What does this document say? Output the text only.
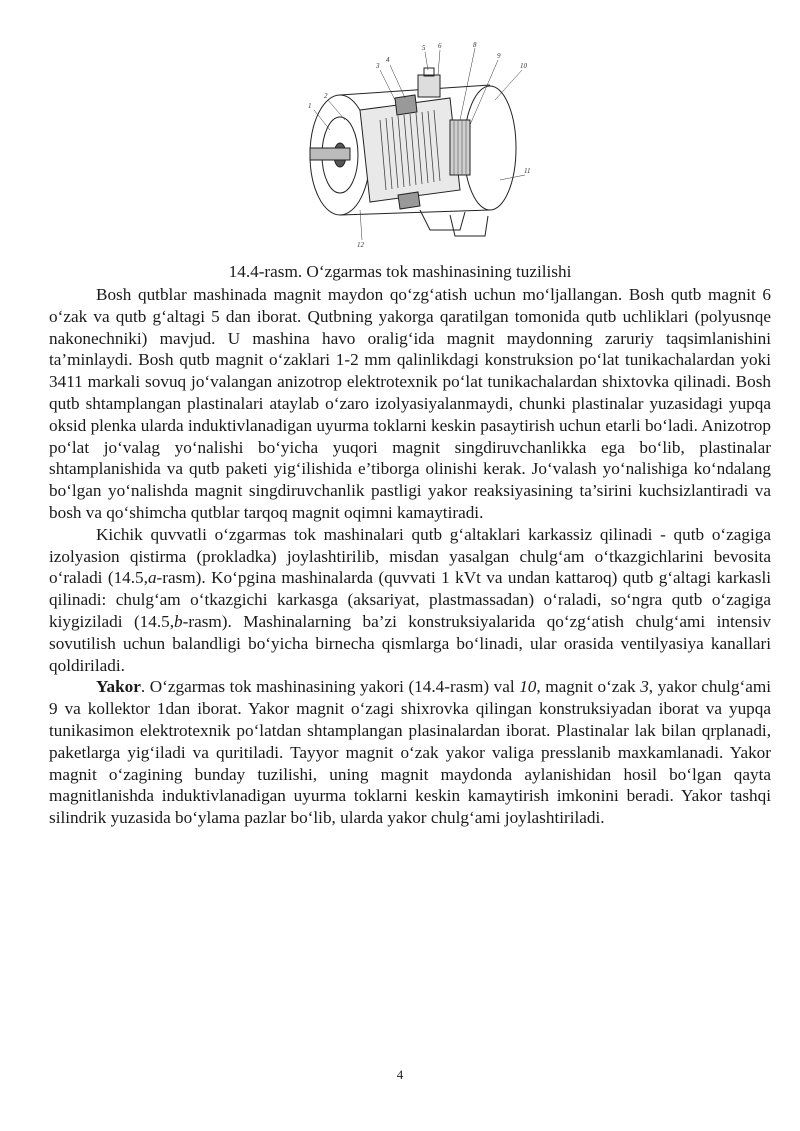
2
1
3
4
5 6	8
9
10
11
12
14.4-rasm. O‘zgarmas tok mashinasining tuzilishi

Bosh qutblar mashinada magnit maydon qo‘zg‘atish uchun mo‘ljallangan. Bosh qutb magnit 6 o‘zak va qutb g‘altagi 5 dan iborat. Qutbning yakorga qaratilgan tomonida qutb uchliklari (polyusnqe nakonechniki) mavjud. U mashina havo oralig‘ida magnit maydonning zaruriy taqsimlanishini ta’minlaydi. Bosh qutb magnit o‘zaklari 1-2 mm qalinlikdagi konstruksion po‘lat tunikachalardan yoki 3411 markali sovuq jo‘valangan anizotrop elektrotexnik po‘lat tunikachalardan shixtovka qilinadi. Bosh qutb shtamplangan plastinalari ataylab o‘zaro izolyasiyalanmaydi, chunki plastinalar yuzasidagi yupqa oksid plenka ularda induktivlanadigan uyurma toklarni keskin pasaytirish uchun etarli bo‘ladi. Anizotrop po‘lat jo‘valag yo‘nalishi bo‘yicha yuqori magnit singdiruvchanlikka ega bo‘lib, plastinalar shtamplanishida va qutb paketi yig‘ilishida e’tiborga olinishi kerak. Jo‘valash yo‘nalishiga ko‘ndalang bo‘lgan yo‘nalishda magnit singdiruvchanlik pastligi yakor reaksiyasining ta’sirini kuchsizlantiradi va bosh va qo‘shimcha qutblar tarqoq magnit oqimni kamaytiradi.

Kichik quvvatli o‘zgarmas tok mashinalari qutb g‘altaklari karkassiz qilinadi - qutb o‘zagiga izolyasion qistirma (prokladka) joylashtirilib, misdan yasalgan chulg‘am o‘tkazgichlarini bevosita o‘raladi (14.5,a-rasm). Ko‘pgina mashinalarda (quvvati 1 kVt va undan kattaroq) qutb g‘altagi karkasli qilinadi: chulg‘am o‘tkazgichi karkasga (aksariyat, plastmassadan) o‘raladi, so‘ngra qutb o‘zagiga kiygiziladi (14.5,b-rasm). Mashinalarning ba’zi konstruksiyalarida qo‘zg‘atish chulg‘ami intensiv sovutilish uchun balandligi bo‘yicha birnecha qismlarga bo‘linadi, ular orasida ventilyasiya kanallari qoldiriladi.

Yakor. O‘zgarmas tok mashinasining yakori (14.4-rasm) val 10, magnit o‘zak 3, yakor chulg‘ami 9 va kollektor 1dan iborat. Yakor magnit o‘zagi shixrovka qilingan konstruksiyadan iborat va yupqa tunikasimon elektrotexnik po‘latdan shtamplangan plasinalardan iborat. Plastinalar lak bilan qrplanadi, paketlarga yig‘iladi va quritiladi. Tayyor magnit o‘zak yakor valiga presslanib maxkamlanadi. Yakor magnit o‘zagining bunday tuzilishi, uning magnit maydonda aylanishidan hosil bo‘lgan qayta magnitlanishda induktivlanadigan uyurma toklarni keskin kamaytirish imkonini beradi. Yakor tashqi silindrik yuzasida bo‘ylama pazlar bo‘lib, ularda yakor chulg‘ami joylashtiriladi.

4
